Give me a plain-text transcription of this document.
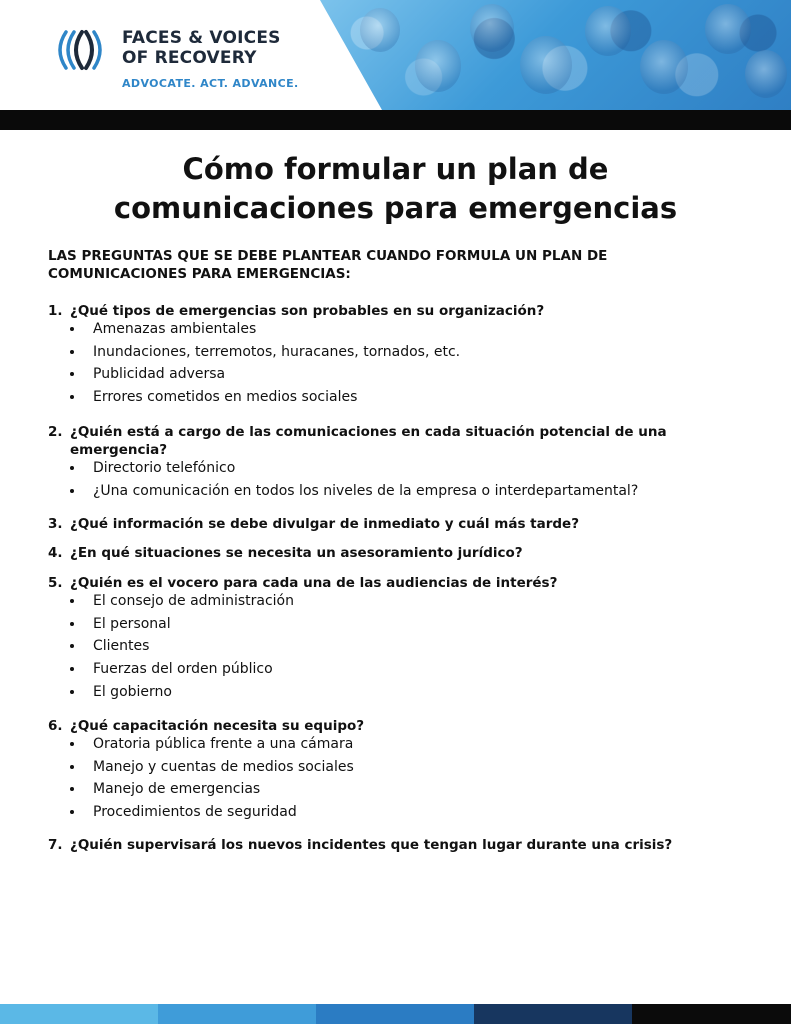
FACES & VOICES
OF RECOVERY
ADVOCATE. ACT. ADVANCE.
Cómo formular un plan de
comunicaciones para emergencias
LAS PREGUNTAS QUE SE DEBE PLANTEAR CUANDO FORMULA UN PLAN DE
COMUNICACIONES PARA EMERGENCIAS:
1. ¿Qué tipos de emergencias son probables en su organización?
Amenazas ambientales
Inundaciones, terremotos, huracanes, tornados, etc.
Publicidad adversa
Errores cometidos en medios sociales
2. ¿Quién está a cargo de las comunicaciones en cada situación potencial de una emergencia?
Directorio telefónico
¿Una comunicación en todos los niveles de la empresa o interdepartamental?
3. ¿Qué información se debe divulgar de inmediato y cuál más tarde?
4. ¿En qué situaciones se necesita un asesoramiento jurídico?
5. ¿Quién es el vocero para cada una de las audiencias de interés?
El consejo de administración
El personal
Clientes
Fuerzas del orden público
El gobierno
6. ¿Qué capacitación necesita su equipo?
Oratoria pública frente a una cámara
Manejo y cuentas de medios sociales
Manejo de emergencias
Procedimientos de seguridad
7. ¿Quién supervisará los nuevos incidentes que tengan lugar durante una crisis?
